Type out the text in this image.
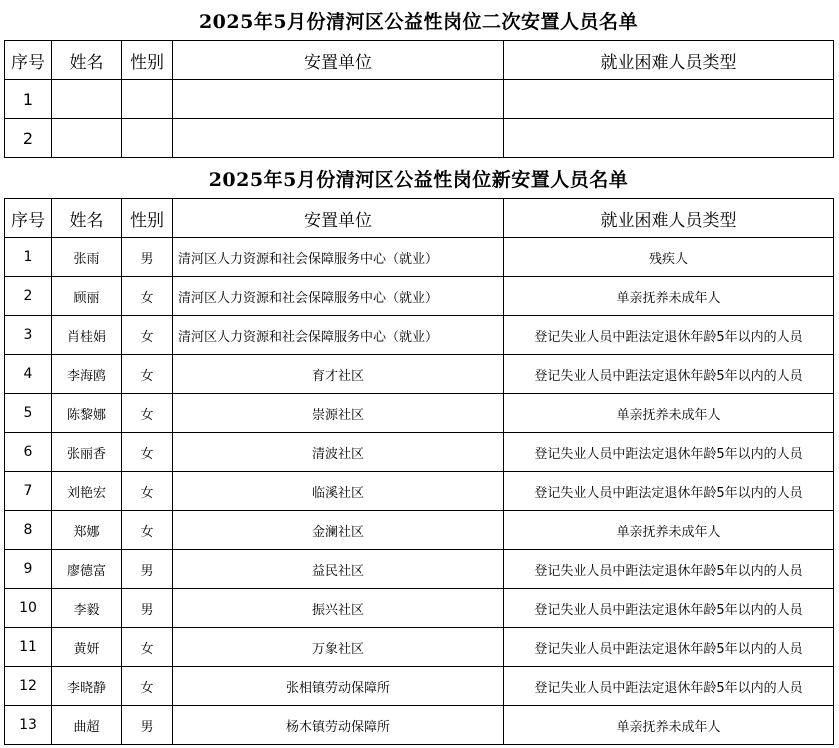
2025年5月份清河区公益性岗位二次安置人员名单
序号	姓名	性别	安置单位	就业困难人员类型
1				
2				
2025年5月份清河区公益性岗位新安置人员名单
序号	姓名	性别	安置单位	就业困难人员类型
1	张雨	男	清河区人力资源和社会保障服务中心（就业）	残疾人
2	顾丽	女	清河区人力资源和社会保障服务中心（就业）	单亲抚养未成年人
3	肖桂娟	女	清河区人力资源和社会保障服务中心（就业）	登记失业人员中距法定退休年龄5年以内的人员
4	李海鸥	女	育才社区	登记失业人员中距法定退休年龄5年以内的人员
5	陈黎娜	女	崇源社区	单亲抚养未成年人
6	张丽香	女	清波社区	登记失业人员中距法定退休年龄5年以内的人员
7	刘艳宏	女	临溪社区	登记失业人员中距法定退休年龄5年以内的人员
8	郑娜	女	金澜社区	单亲抚养未成年人
9	廖德富	男	益民社区	登记失业人员中距法定退休年龄5年以内的人员
10	李毅	男	振兴社区	登记失业人员中距法定退休年龄5年以内的人员
11	黄妍	女	万象社区	登记失业人员中距法定退休年龄5年以内的人员
12	李晓静	女	张相镇劳动保障所	登记失业人员中距法定退休年龄5年以内的人员
13	曲超	男	杨木镇劳动保障所	单亲抚养未成年人
